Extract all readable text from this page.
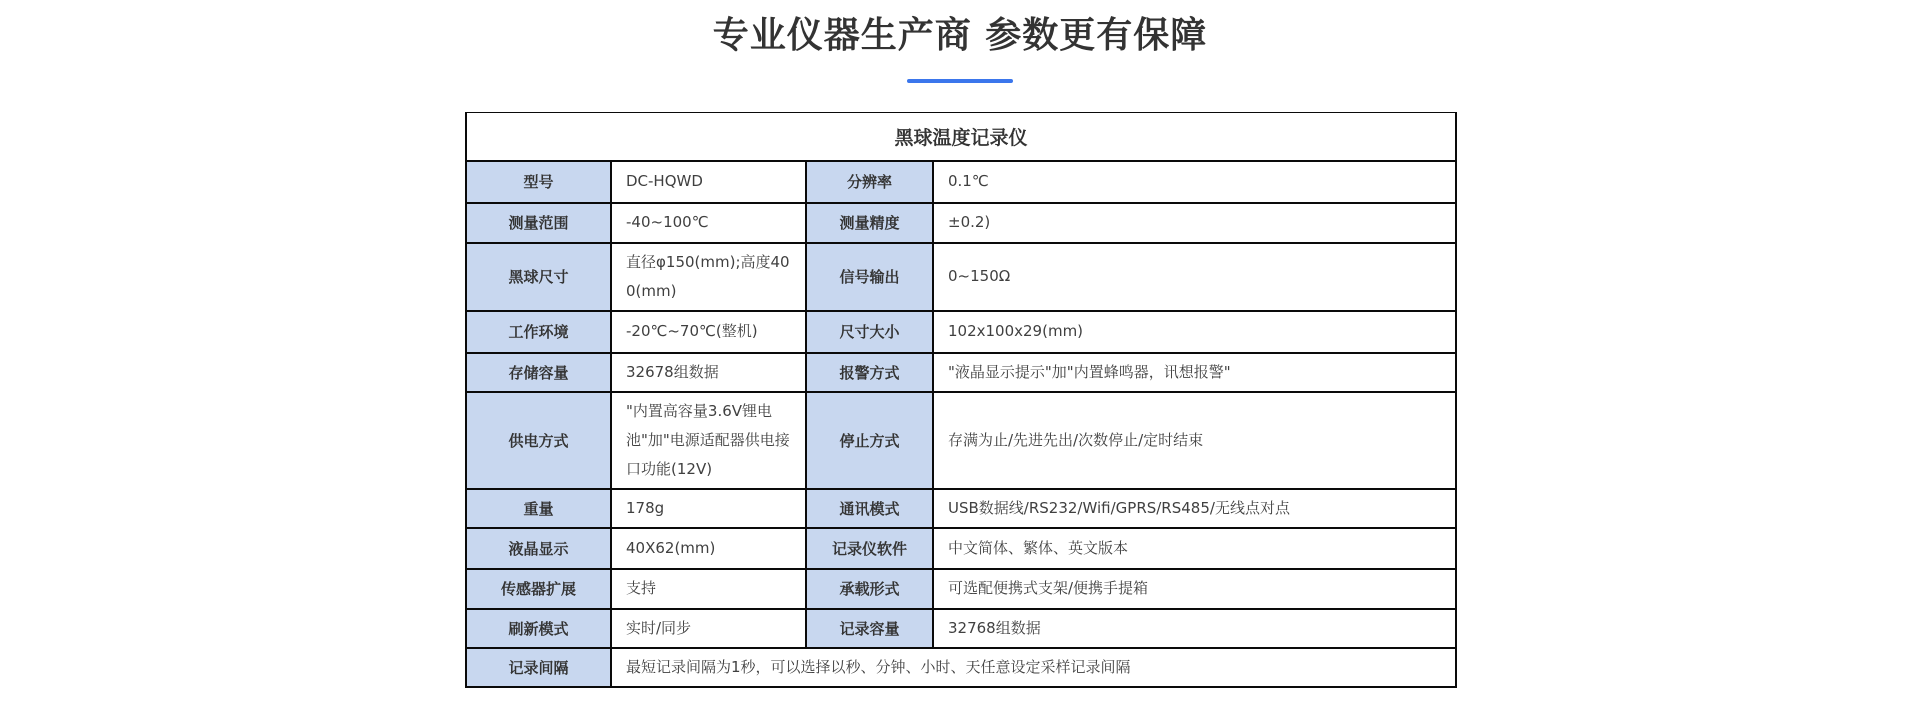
专业仪器生产商 参数更有保障
黑球温度记录仪			
型号	DC-HQWD	分辨率	0.1℃
测量范围	-40~100℃	测量精度	±0.2)
黑球尺寸	直径φ150(mm);高度400(mm)	信号输出	0~150Ω
工作环境	-20℃~70℃(整机)	尺寸大小	102x100x29(mm)
存储容量	32678组数据	报警方式	"液晶显示提示"加"内置蜂鸣器，讯想报警"
供电方式	"内置高容量3.6V锂电池"加"电源适配器供电接口功能(12V)	停止方式	存满为止/先进先出/次数停止/定时结束
重量	178g	通讯模式	USB数据线/RS232/Wifi/GPRS/RS485/无线点对点
液晶显示	40X62(mm)	记录仪软件	中文简体、繁体、英文版本
传感器扩展	支持	承载形式	可选配便携式支架/便携手提箱
刷新模式	实时/同步	记录容量	32768组数据
记录间隔	最短记录间隔为1秒，可以选择以秒、分钟、小时、天任意设定采样记录间隔		
